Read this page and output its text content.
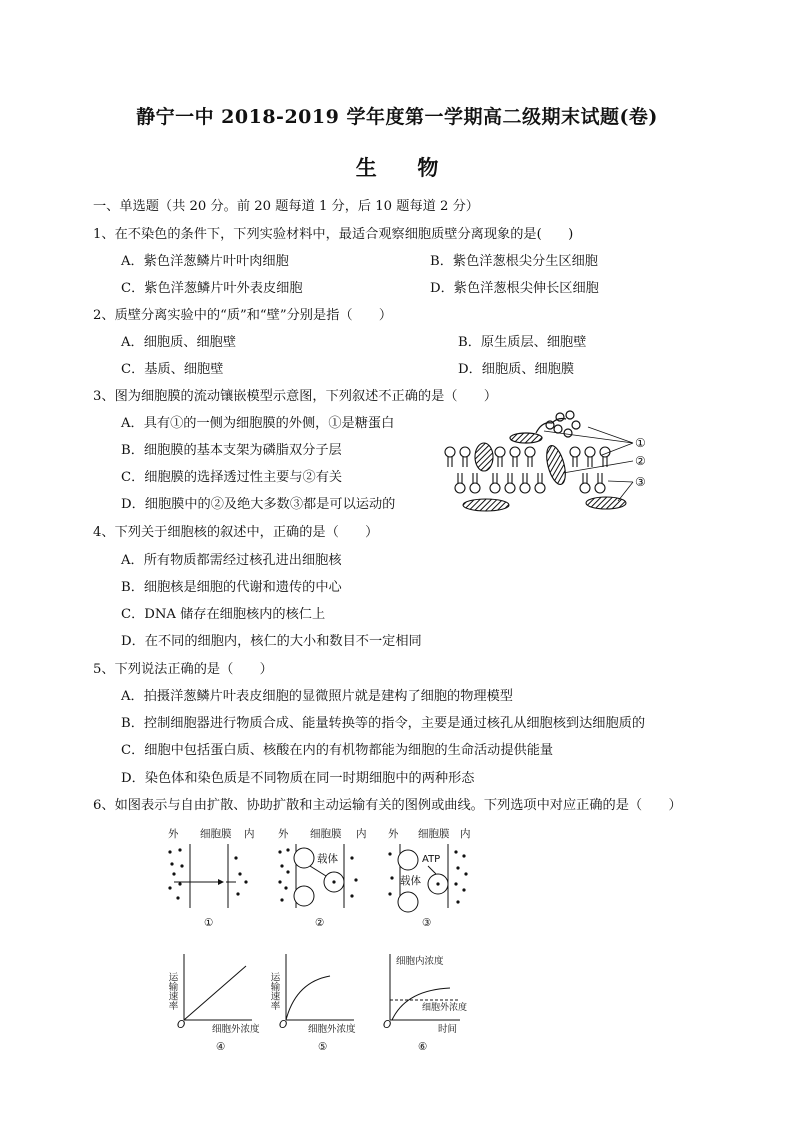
静宁一中 2018-2019 学年度第一学期高二级期末试题(卷)
生 物
一、单选题（共 20 分。前 20 题每道 1 分，后 10 题每道 2 分）
1、在不染色的条件下，下列实验材料中，最适合观察细胞质壁分离现象的是(　　)
A．紫色洋葱鳞片叶叶肉细胞	B．紫色洋葱根尖分生区细胞
C．紫色洋葱鳞片叶外表皮细胞	D．紫色洋葱根尖伸长区细胞
2、质壁分离实验中的“质”和“壁”分别是指（　　）
A．细胞质、细胞壁	B．原生质层、细胞壁
C．基质、细胞壁	D．细胞质、细胞膜
3、图为细胞膜的流动镶嵌模型示意图，下列叙述不正确的是（　　）
A．具有①的一侧为细胞膜的外侧，①是糖蛋白
B．细胞膜的基本支架为磷脂双分子层
C．细胞膜的选择透过性主要与②有关
D．细胞膜中的②及绝大多数③都是可以运动的
①
②
③
4、下列关于细胞核的叙述中，正确的是（　　）
A．所有物质都需经过核孔进出细胞核
B．细胞核是细胞的代谢和遗传的中心
C．DNA 储存在细胞核内的核仁上
D．在不同的细胞内，核仁的大小和数目不一定相同
5、下列说法正确的是（　　）
A．拍摄洋葱鳞片叶表皮细胞的显微照片就是建构了细胞的物理模型
B．控制细胞器进行物质合成、能量转换等的指令，主要是通过核孔从细胞核到达细胞质的
C．细胞中包括蛋白质、核酸在内的有机物都能为细胞的生命活动提供能量
D．染色体和染色质是不同物质在同一时期细胞中的两种形态
6、如图表示与自由扩散、协助扩散和主动运输有关的图例或曲线。下列选项中对应正确的是（　　）
外 细胞膜 内
①
外 细胞膜 内
载体
②
外 细胞膜 内
ATP
载体
③
运输速率
O	细胞外浓度
④
运输速率
O 细胞外浓度
⑤
细胞内浓度
细胞外浓度
O	时间
⑥
